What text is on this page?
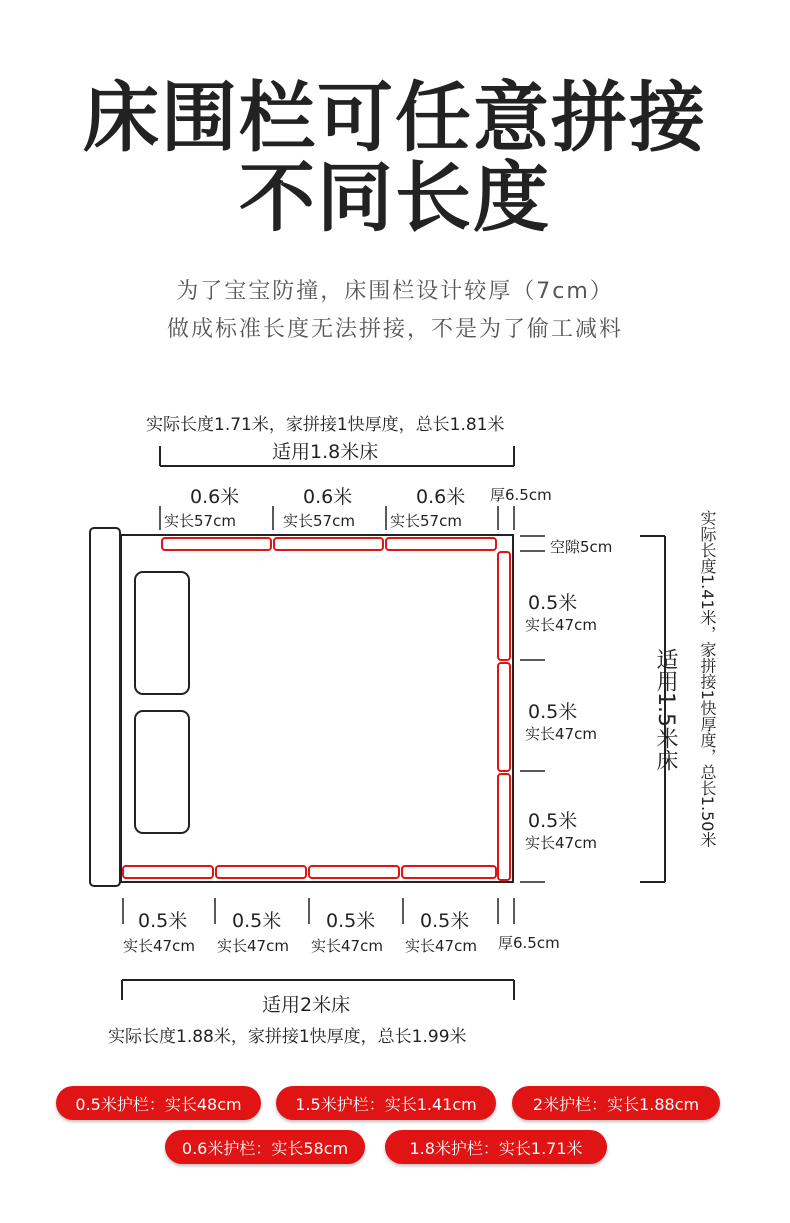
床围栏可任意拼接
不同长度

为了宝宝防撞，床围栏设计较厚（7cm）

做成标准长度无法拼接，不是为了偷工减料

实际长度1.71米，家拼接1快厚度，总长1.81米
适用1.8米床
0.6米
实长57cm
0.6米
实长57cm
0.6米
实长57cm
厚6.5cm
空隙5cm
0.5米
实长47cm
0.5米
实长47cm
0.5米
实长47cm
适用1.5米床 实际长度1.41米，家拼接1快厚度，总长1.50米
0.5米
实长47cm
0.5米
实长47cm
0.5米
实长47cm
0.5米
实长47cm 厚6.5cm
适用2米床
实际长度1.88米，家拼接1快厚度，总长1.99米
0.5米护栏：实长48cm	1.5米护栏：实长1.41cm	2米护栏：实长1.88cm
0.6米护栏：实长58cm	1.8米护栏：实长1.71米
